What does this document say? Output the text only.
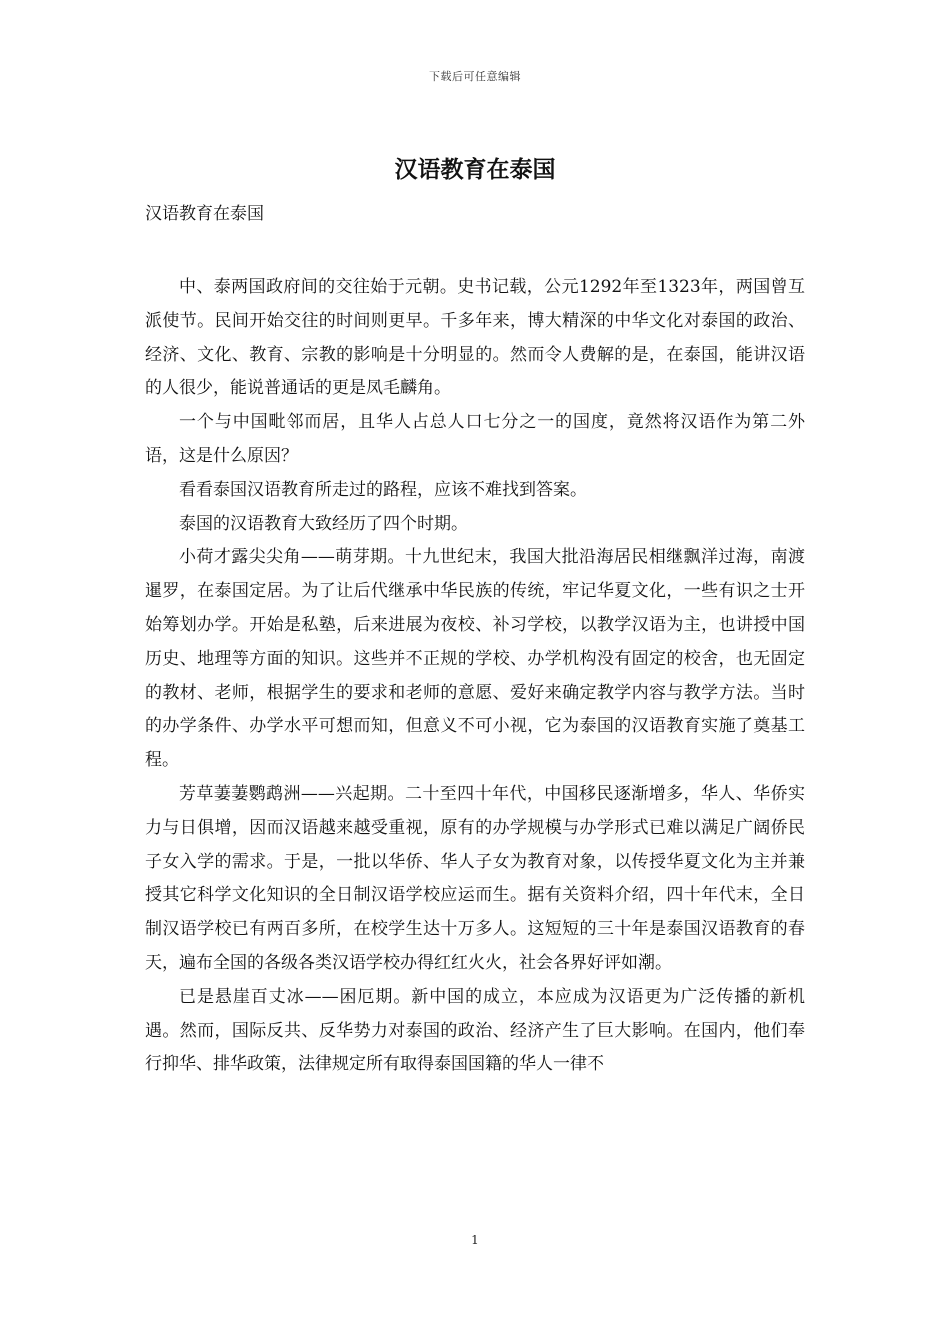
下载后可任意编辑
汉语教育在泰国
汉语教育在泰国

中、泰两国政府间的交往始于元朝。史书记载，公元1292年至1323年，两国曾互派使节。民间开始交往的时间则更早。千多年来，博大精深的中华文化对泰国的政治、经济、文化、教育、宗教的影响是十分明显的。然而令人费解的是，在泰国，能讲汉语的人很少，能说普通话的更是凤毛麟角。

一个与中国毗邻而居，且华人占总人口七分之一的国度，竟然将汉语作为第二外语，这是什么原因？

看看泰国汉语教育所走过的路程，应该不难找到答案。

泰国的汉语教育大致经历了四个时期。

小荷才露尖尖角——萌芽期。十九世纪末，我国大批沿海居民相继飘洋过海，南渡暹罗，在泰国定居。为了让后代继承中华民族的传统，牢记华夏文化，一些有识之士开始筹划办学。开始是私塾，后来进展为夜校、补习学校，以教学汉语为主，也讲授中国历史、地理等方面的知识。这些并不正规的学校、办学机构没有固定的校舍，也无固定的教材、老师，根据学生的要求和老师的意愿、爱好来确定教学内容与教学方法。当时的办学条件、办学水平可想而知，但意义不可小视，它为泰国的汉语教育实施了奠基工程。

芳草萋萋鹦鹉洲——兴起期。二十至四十年代，中国移民逐渐增多，华人、华侨实力与日俱增，因而汉语越来越受重视，原有的办学规模与办学形式已难以满足广阔侨民子女入学的需求。于是，一批以华侨、华人子女为教育对象，以传授华夏文化为主并兼授其它科学文化知识的全日制汉语学校应运而生。据有关资料介绍，四十年代末，全日制汉语学校已有两百多所，在校学生达十万多人。这短短的三十年是泰国汉语教育的春天，遍布全国的各级各类汉语学校办得红红火火，社会各界好评如潮。

已是悬崖百丈冰——困厄期。新中国的成立，本应成为汉语更为广泛传播的新机遇。然而，国际反共、反华势力对泰国的政治、经济产生了巨大影响。在国内，他们奉行抑华、排华政策，法律规定所有取得泰国国籍的华人一律不

1
